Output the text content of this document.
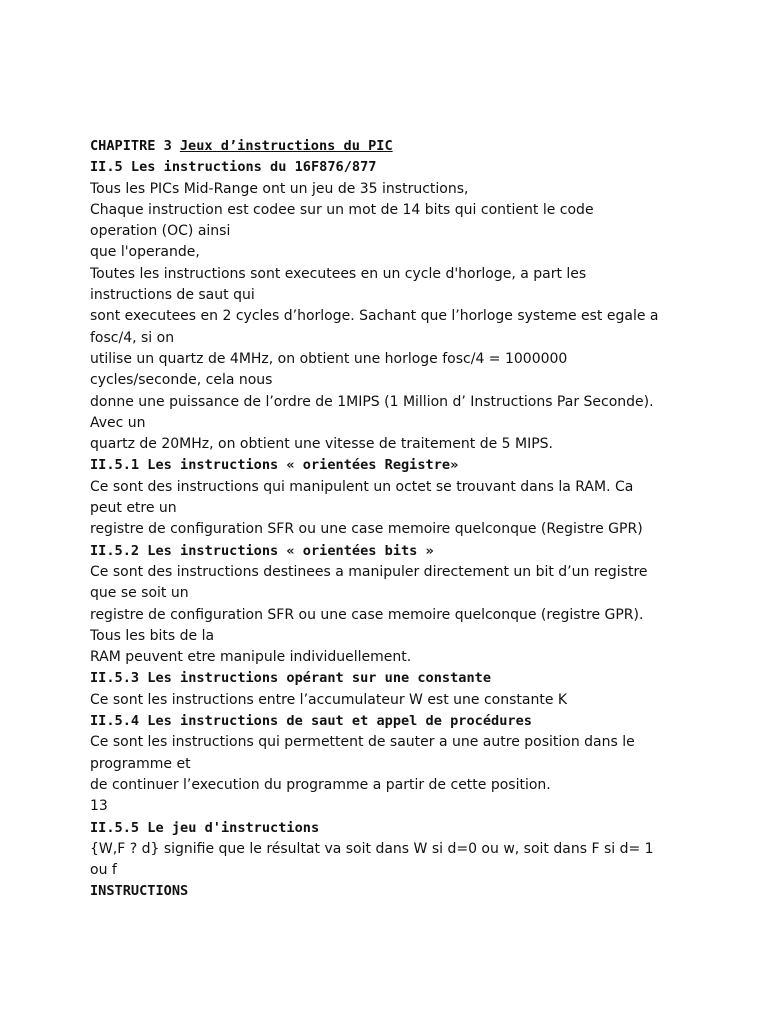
CHAPITRE 3 Jeux d’instructions du PIC
II.5 Les instructions du 16F876/877
Tous les PICs Mid-Range ont un jeu de 35 instructions,
Chaque instruction est codee sur un mot de 14 bits qui contient le code
operation (OC) ainsi
que l'operande,
Toutes les instructions sont executees en un cycle d'horloge, a part les
instructions de saut qui
sont executees en 2 cycles d’horloge. Sachant que l’horloge systeme est egale a
fosc/4, si on
utilise un quartz de 4MHz, on obtient une horloge fosc/4 = 1000000
cycles/seconde, cela nous
donne une puissance de l’ordre de 1MIPS (1 Million d’ Instructions Par Seconde).
Avec un
quartz de 20MHz, on obtient une vitesse de traitement de 5 MIPS.
II.5.1 Les instructions « orientées Registre»
Ce sont des instructions qui manipulent un octet se trouvant dans la RAM. Ca
peut etre un
registre de configuration SFR ou une case memoire quelconque (Registre GPR)
II.5.2 Les instructions « orientées bits »
Ce sont des instructions destinees a manipuler directement un bit d’un registre
que se soit un
registre de configuration SFR ou une case memoire quelconque (registre GPR).
Tous les bits de la
RAM peuvent etre manipule individuellement.
II.5.3 Les instructions opérant sur une constante
Ce sont les instructions entre l’accumulateur W est une constante K
II.5.4 Les instructions de saut et appel de procédures
Ce sont les instructions qui permettent de sauter a une autre position dans le
programme et
de continuer l’execution du programme a partir de cette position.
13
II.5.5 Le jeu d'instructions
{W,F ? d} signifie que le résultat va soit dans W si d=0 ou w, soit dans F si d= 1
ou f
INSTRUCTIONS
